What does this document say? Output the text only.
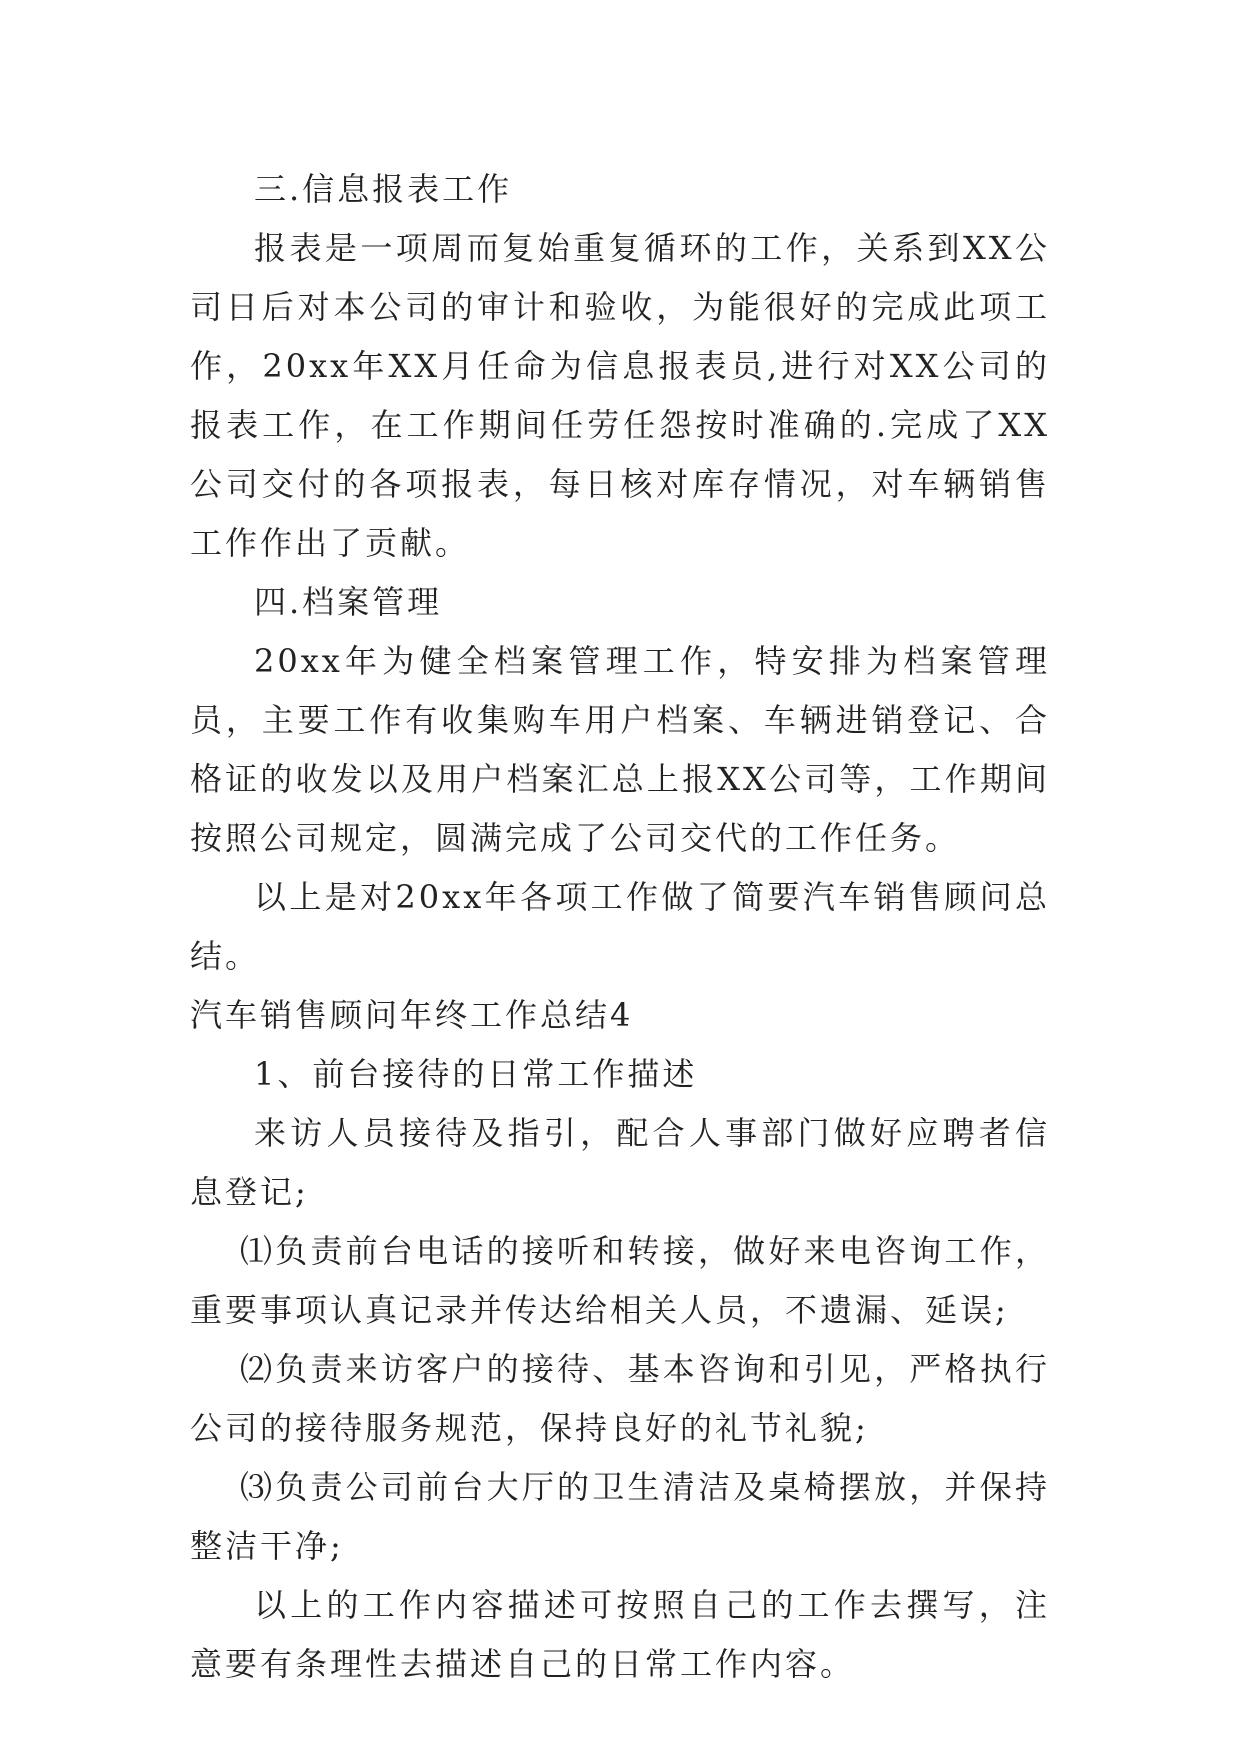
三.信息报表工作

报表是一项周而复始重复循环的工作，关系到XX公司日后对本公司的审计和验收，为能很好的完成此项工作，20xx年XX月任命为信息报表员,进行对XX公司的报表工作，在工作期间任劳任怨按时准确的.完成了XX公司交付的各项报表，每日核对库存情况，对车辆销售工作作出了贡献。

四.档案管理

20xx年为健全档案管理工作，特安排为档案管理员，主要工作有收集购车用户档案、车辆进销登记、合格证的收发以及用户档案汇总上报XX公司等，工作期间按照公司规定，圆满完成了公司交代的工作任务。

以上是对20xx年各项工作做了简要汽车销售顾问总结。

汽车销售顾问年终工作总结4

1、前台接待的日常工作描述

来访人员接待及指引，配合人事部门做好应聘者信息登记;

⑴负责前台电话的接听和转接，做好来电咨询工作，重要事项认真记录并传达给相关人员，不遗漏、延误;

⑵负责来访客户的接待、基本咨询和引见，严格执行公司的接待服务规范，保持良好的礼节礼貌;

⑶负责公司前台大厅的卫生清洁及桌椅摆放，并保持整洁干净;

以上的工作内容描述可按照自己的工作去撰写，注意要有条理性去描述自己的日常工作内容。
